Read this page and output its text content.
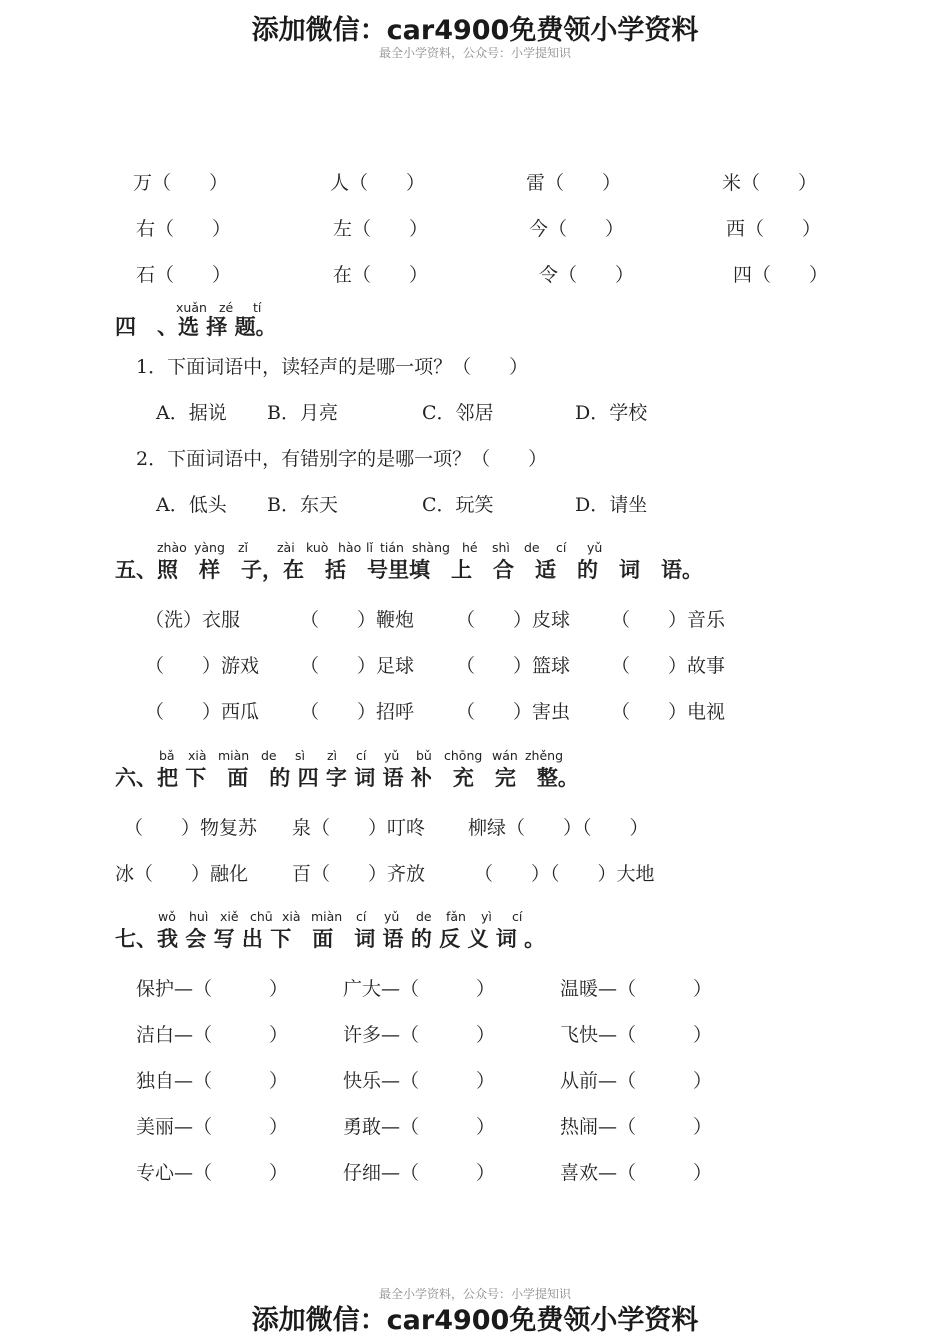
添加微信：car4900免费领小学资料
最全小学资料，公众号：小学提知识
万（　　）	人（　　）	雷（　　）	米（　　）
右（　　）	左（　　）	今（　　）	西（　　）
石（　　）	在（　　）	令（　　）	四（　　）
xuǎn zé tí
四　、选 择 题。
1．下面词语中，读轻声的是哪一项？（　　）
A．据说 B．月亮	C．邻居	D．学校
2．下面词语中，有错别字的是哪一项？（　　）
A．低头 B．东天	C．玩笑	D．请坐
zhào yàng zǐ zài kuò hào lǐ tián shàng hé shì de cí yǔ
五、照　样　子，在　括　号里填　上　合　适　的　词　语。
（洗）衣服	（　　）鞭炮 （　　）皮球 （　　）音乐
（　　）游戏 （　　）足球 （　　）篮球 （　　）故事
（　　）西瓜 （　　）招呼 （　　）害虫 （　　）电视
bǎ xià miàn de sì zì cí yǔ bǔ chōng wán zhěng
六、把 下　面　的 四 字 词 语 补　充　完　整。
（　　）物复苏 泉（　　）叮咚 柳绿（　　）（　　）
冰（　　）融化 百（　　）齐放	（　　）（　　）大地
wǒ huì xiě chū xià miàn cí yǔ de fǎn yì cí
七、我 会 写 出 下　面　词 语 的 反 义 词 。
保护—（　　　）	广大—（　　　）	温暖—（　　　）
洁白—（　　　）	许多—（　　　）	飞快—（　　　）
独自—（　　　）	快乐—（　　　）	从前—（　　　）
美丽—（　　　）	勇敢—（　　　）	热闹—（　　　）
专心—（　　　）	仔细—（　　　）	喜欢—（　　　）
最全小学资料，公众号：小学提知识
添加微信：car4900免费领小学资料
